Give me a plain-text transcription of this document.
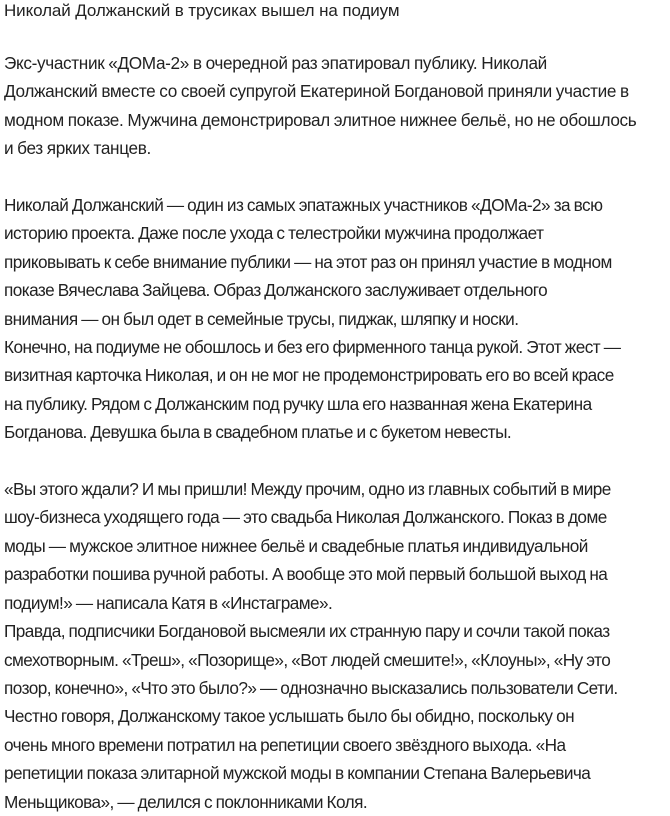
Николай Должанский в трусиках вышел на подиум
Экс-участник «ДОМа-2» в очередной раз эпатировал публику. Николай
Должанский вместе со своей супругой Екатериной Богдановой приняли участие в
модном показе. Мужчина демонстрировал элитное нижнее бельё, но не обошлось
и без ярких танцев.
Николай Должанский — один из самых эпатажных участников «ДОМа-2» за всю
историю проекта. Даже после ухода с телестройки мужчина продолжает
приковывать к себе внимание публики — на этот раз он принял участие в модном
показе Вячеслава Зайцева. Образ Должанского заслуживает отдельного
внимания — он был одет в семейные трусы, пиджак, шляпку и носки.
Конечно, на подиуме не обошлось и без его фирменного танца рукой. Этот жест —
визитная карточка Николая, и он не мог не продемонстрировать его во всей красе
на публику. Рядом с Должанским под ручку шла его названная жена Екатерина
Богданова. Девушка была в свадебном платье и с букетом невесты.
«Вы этого ждали? И мы пришли! Между прочим, одно из главных событий в мире
шоу-бизнеса уходящего года — это свадьба Николая Должанского. Показ в доме
моды — мужское элитное нижнее бельё и свадебные платья индивидуальной
разработки пошива ручной работы. А вообще это мой первый большой выход на
подиум!» — написала Катя в «Инстаграме».
Правда, подписчики Богдановой высмеяли их странную пару и сочли такой показ
смехотворным. «Треш», «Позорище», «Вот людей смешите!», «Клоуны», «Ну это
позор, конечно», «Что это было?» — однозначно высказались пользователи Сети.
Честно говоря, Должанскому такое услышать было бы обидно, поскольку он
очень много времени потратил на репетиции своего звёздного выхода. «На
репетиции показа элитарной мужской моды в компании Степана Валерьевича
Меньщикова», — делился с поклонниками Коля.
